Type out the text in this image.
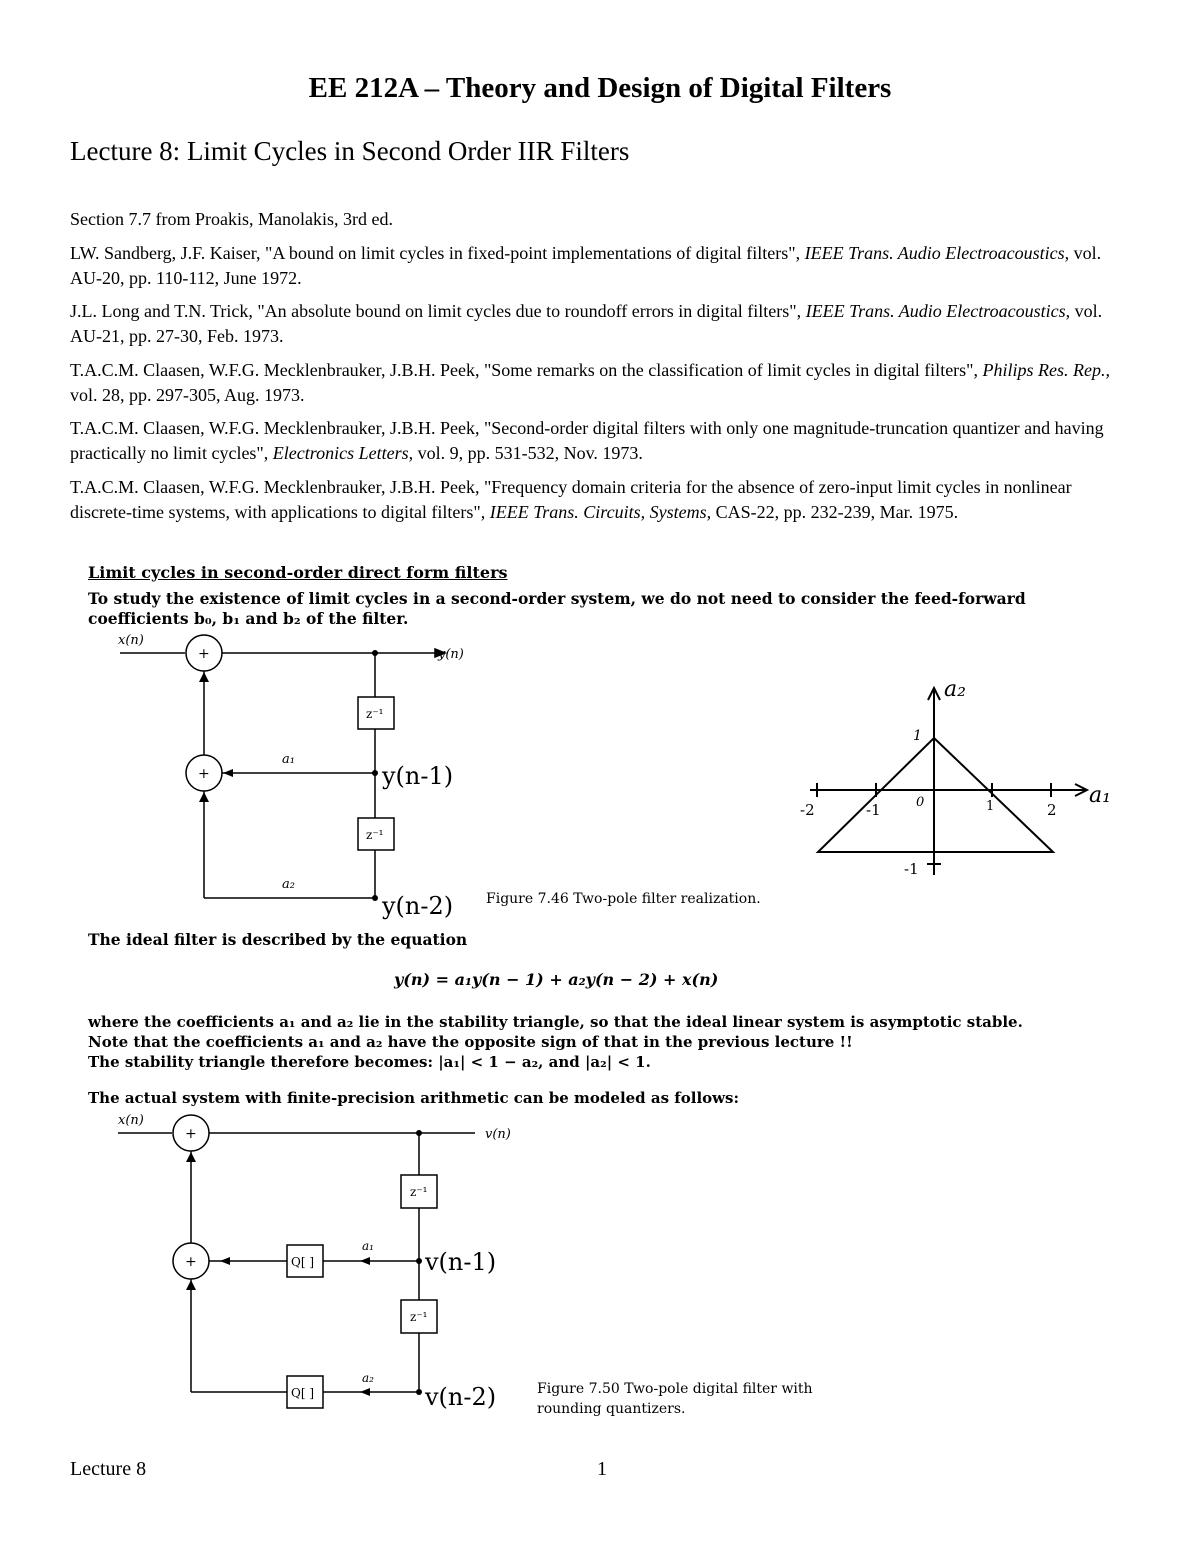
EE 212A – Theory and Design of Digital Filters
Lecture 8: Limit Cycles in Second Order IIR Filters
Section 7.7 from Proakis, Manolakis, 3rd ed.
LW. Sandberg, J.F. Kaiser, "A bound on limit cycles in fixed-point implementations of digital filters", IEEE Trans. Audio Electroacoustics, vol. AU-20, pp. 110-112, June 1972.
J.L. Long and T.N. Trick, "An absolute bound on limit cycles due to roundoff errors in digital filters", IEEE Trans. Audio Electroacoustics, vol. AU-21, pp. 27-30, Feb. 1973.
T.A.C.M. Claasen, W.F.G. Mecklenbrauker, J.B.H. Peek, "Some remarks on the classification of limit cycles in digital filters", Philips Res. Rep., vol. 28, pp. 297-305, Aug. 1973.
T.A.C.M. Claasen, W.F.G. Mecklenbrauker, J.B.H. Peek, "Second-order digital filters with only one magnitude-truncation quantizer and having practically no limit cycles", Electronics Letters, vol. 9, pp. 531-532, Nov. 1973.
T.A.C.M. Claasen, W.F.G. Mecklenbrauker, J.B.H. Peek, "Frequency domain criteria for the absence of zero-input limit cycles in nonlinear discrete-time systems, with applications to digital filters", IEEE Trans. Circuits, Systems, CAS-22, pp. 232-239, Mar. 1975.
Limit cycles in second-order direct form filters
To study the existence of limit cycles in a second-order system, we do not need to consider the feed-forward coefficients b₀, b₁ and b₂ of the filter.
x(n)
y(n)
+
+
z⁻¹
z⁻¹
a₁
a₂
y(n-1)
y(n-2) Figure 7.46 Two-pole filter realization.
a₂
a₁
-2	-1	0	1	2
1
-1
The ideal filter is described by the equation
y(n) = a₁y(n − 1) + a₂y(n − 2) + x(n)
where the coefficients a₁ and a₂ lie in the stability triangle, so that the ideal linear system is asymptotic stable.
Note that the coefficients a₁ and a₂ have the opposite sign of that in the previous lecture !!
The stability triangle therefore becomes: |a₁| < 1 − a₂, and |a₂| < 1.
The actual system with finite-precision arithmetic can be modeled as follows:
x(n)
v(n)
+
+
z⁻¹
z⁻¹
Q[ ]
Q[ ]
a₁
a₂
v(n-1)
v(n-2)	Figure 7.50 Two-pole digital filter with
rounding quantizers.
Lecture 8	1
